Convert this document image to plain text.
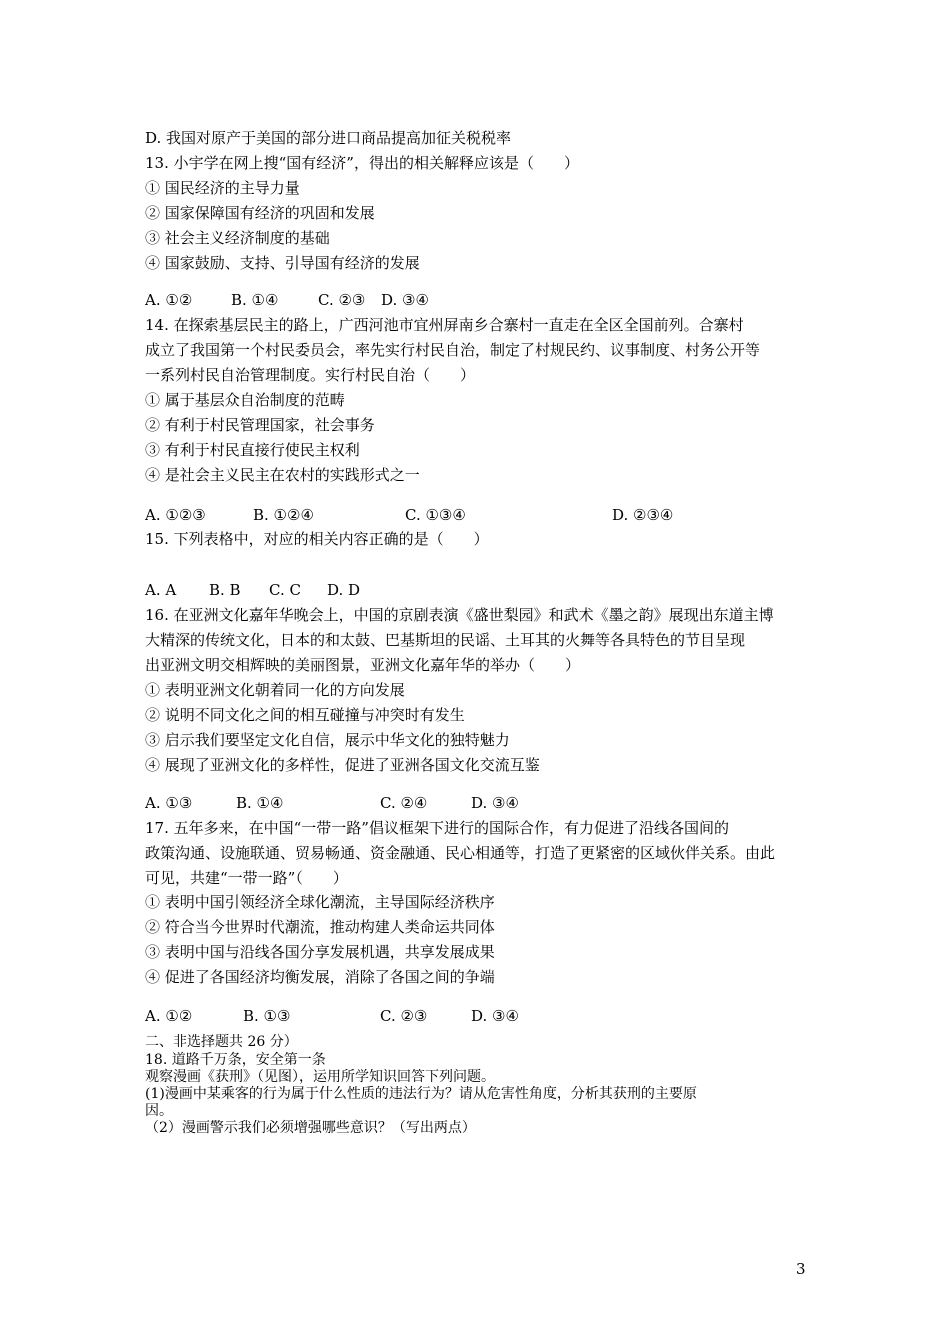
D. 我国对原产于美国的部分进口商品提高加征关税税率
13. 小宇学在网上搜“国有经济”，得出的相关解释应该是（　　）
① 国民经济的主导力量
② 国家保障国有经济的巩固和发展
③ 社会主义经济制度的基础
④ 国家鼓励、支持、引导国有经济的发展
A. ①②	B. ①④	C. ②③ D. ③④
14. 在探索基层民主的路上，广西河池市宜州屏南乡合寨村一直走在全区全国前列。合寨村
成立了我国第一个村民委员会，率先实行村民自治，制定了村规民约、议事制度、村务公开等
一系列村民自治管理制度。实行村民自治（　　）
① 属于基层众自治制度的范畴
② 有利于村民管理国家，社会事务
③ 有利于村民直接行使民主权利
④ 是社会主义民主在农村的实践形式之一
A. ①②③	B. ①②④	C. ①③④	D. ②③④
15. 下列表格中，对应的相关内容正确的是（　　）
A. A B. B C. C D. D
16. 在亚洲文化嘉年华晚会上，中国的京剧表演《盛世梨园》和武术《墨之韵》展现出东道主博
大精深的传统文化，日本的和太鼓、巴基斯坦的民谣、土耳其的火舞等各具特色的节目呈现
出亚洲文明交相辉映的美丽图景，亚洲文化嘉年华的举办（　　）
① 表明亚洲文化朝着同一化的方向发展
② 说明不同文化之间的相互碰撞与冲突时有发生
③ 启示我们要坚定文化自信，展示中华文化的独特魅力
④ 展现了亚洲文化的多样性，促进了亚洲各国文化交流互鉴
A. ①③	B. ①④	C. ②④	D. ③④
17. 五年多来，在中国“一带一路”倡议框架下进行的国际合作，有力促进了沿线各国间的
政策沟通、设施联通、贸易畅通、资金融通、民心相通等，打造了更紧密的区域伙伴关系。由此
可见，共建“一带一路”（　　）
① 表明中国引领经济全球化潮流，主导国际经济秩序
② 符合当今世界时代潮流，推动构建人类命运共同体
③ 表明中国与沿线各国分享发展机遇，共享发展成果
④ 促进了各国经济均衡发展，消除了各国之间的争端
A. ①②	B. ①③	C. ②③	D. ③④
二、非选择题共 26 分）
18. 道路千万条，安全第一条
观察漫画《获刑》（见图），运用所学知识回答下列问题。
(1)漫画中某乘客的行为属于什么性质的违法行为？请从危害性角度，分析其获刑的主要原
因。
（2）漫画警示我们必须增强哪些意识？（写出两点）
3
